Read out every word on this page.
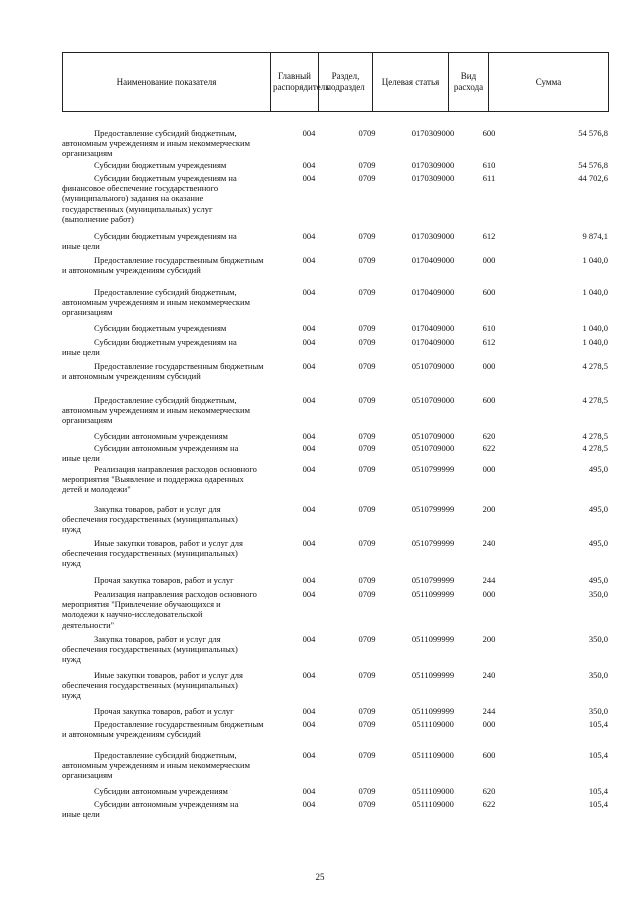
Наименование показателя	Главный распорядитель	Раздел, подраздел	Целевая статья	Вид расхода	Сумма
Предоставление субсидий бюджетным,
автономным учреждениям и иным некоммерческим
организациям
004	0709	0170309000	600	54 576,8
Субсидии бюджетным учреждениям	004	0709	0170309000	610	54 576,8
Субсидии бюджетным учреждениям на
финансовое обеспечение государственного
(муниципального) задания на оказание
государственных (муниципальных) услуг
(выполнение работ)
004	0709	0170309000	611	44 702,6
Субсидии бюджетным учреждениям на
иные цели
004	0709	0170309000	612	9 874,1
Предоставление государственным бюджетным
и автономным учреждениям субсидий
004	0709	0170409000	000	1 040,0
Предоставление субсидий бюджетным,
автономным учреждениям и иным некоммерческим
организациям
004	0709	0170409000	600	1 040,0
Субсидии бюджетным учреждениям	004	0709	0170409000	610	1 040,0
Субсидии бюджетным учреждениям на
иные цели
004	0709	0170409000	612	1 040,0
Предоставление государственным бюджетным
и автономным учреждениям субсидий
004	0709	0510709000	000	4 278,5
Предоставление субсидий бюджетным,
автономным учреждениям и иным некоммерческим
организациям
004	0709	0510709000	600	4 278,5
Субсидии автономным учреждениям	004	0709	0510709000	620	4 278,5
Субсидии автономным учреждениям на
иные цели
004	0709	0510709000	622	4 278,5
Реализация направления расходов основного
мероприятия "Выявление и поддержка одаренных
детей и молодежи"
004	0709	0510799999	000	495,0
Закупка товаров, работ и услуг для
обеспечения государственных (муниципальных)
нужд
004	0709	0510799999	200	495,0
Иные закупки товаров, работ и услуг для
обеспечения государственных (муниципальных)
нужд
004	0709	0510799999	240	495,0
Прочая закупка товаров, работ и услуг	004	0709	0510799999	244	495,0
Реализация направления расходов основного
мероприятия "Привлечение обучающихся и
молодежи к научно-исследовательской
деятельности"
004	0709	0511099999	000	350,0
Закупка товаров, работ и услуг для
обеспечения государственных (муниципальных)
нужд
004	0709	0511099999	200	350,0
Иные закупки товаров, работ и услуг для
обеспечения государственных (муниципальных)
нужд
004	0709	0511099999	240	350,0
Прочая закупка товаров, работ и услуг	004	0709	0511099999	244	350,0
Предоставление государственным бюджетным
и автономным учреждениям субсидий
004	0709	0511109000	000	105,4
Предоставление субсидий бюджетным,
автономным учреждениям и иным некоммерческим
организациям
004	0709	0511109000	600	105,4
Субсидии автономным учреждениям	004	0709	0511109000	620	105,4
Субсидии автономным учреждениям на
иные цели
004	0709	0511109000	622	105,4
25
